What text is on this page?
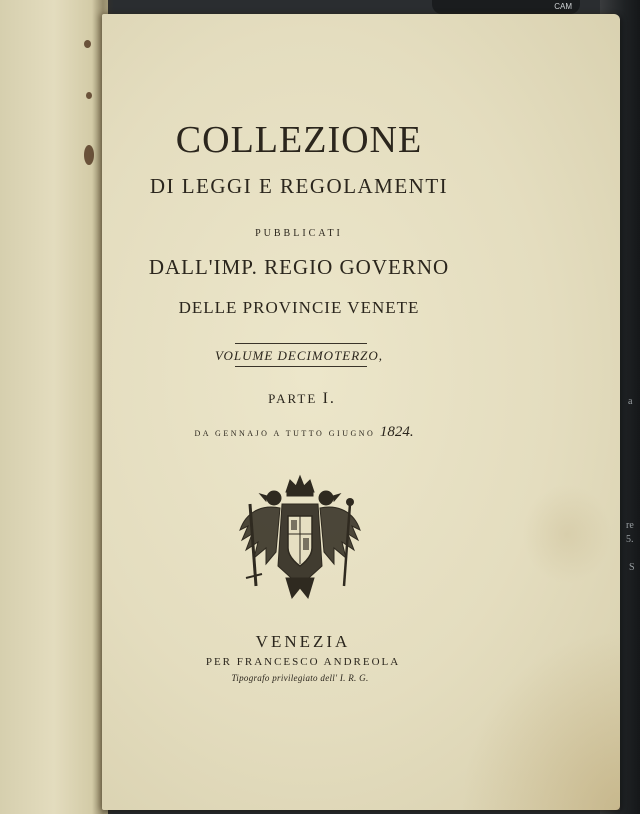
CAM
a
re
5.
S
COLLEZIONE
DI LEGGI E REGOLAMENTI
PUBBLICATI
DALL'IMP. REGIO GOVERNO
DELLE PROVINCIE VENETE
VOLUME DECIMOTERZO,
PARTE I.
DA GENNAJO A TUTTO GIUGNO 1824.
VENEZIA
PER FRANCESCO ANDREOLA
Tipografo privilegiato dell' I. R. G.
